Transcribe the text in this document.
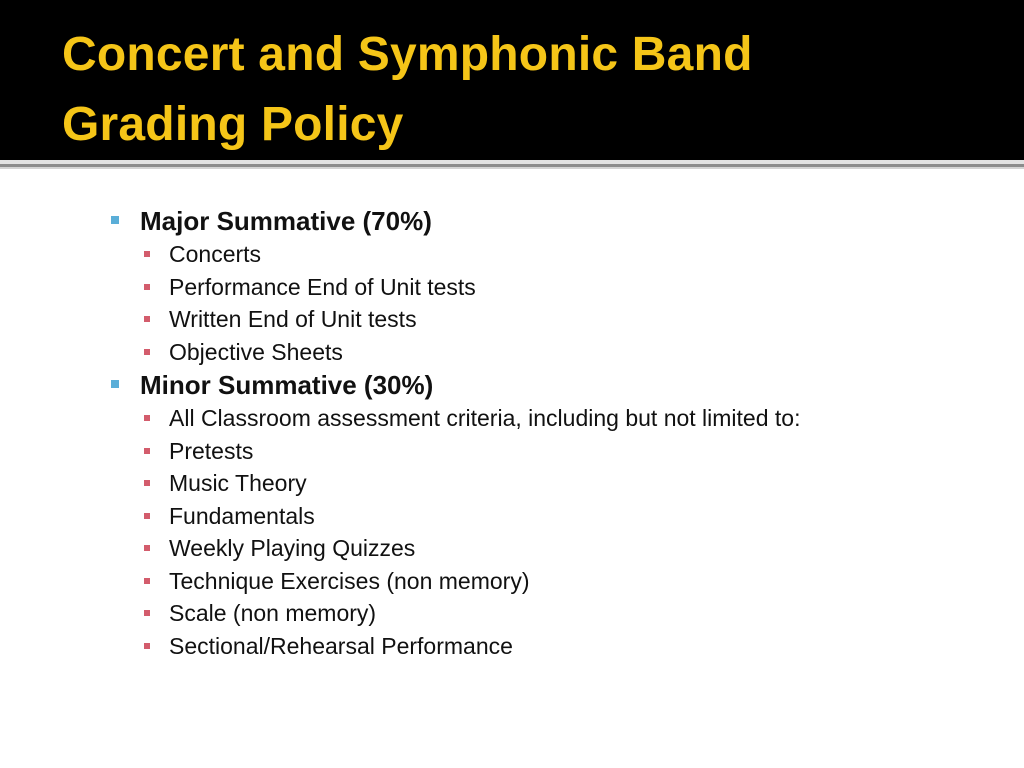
Concert and Symphonic Band
Grading Policy
Major Summative (70%)
Concerts
Performance End of Unit tests
Written End of Unit tests
Objective Sheets
Minor Summative (30%)
All Classroom assessment criteria, including but not limited to:
Pretests
Music Theory
Fundamentals
Weekly Playing Quizzes
Technique Exercises (non memory)
Scale (non memory)
Sectional/Rehearsal Performance
